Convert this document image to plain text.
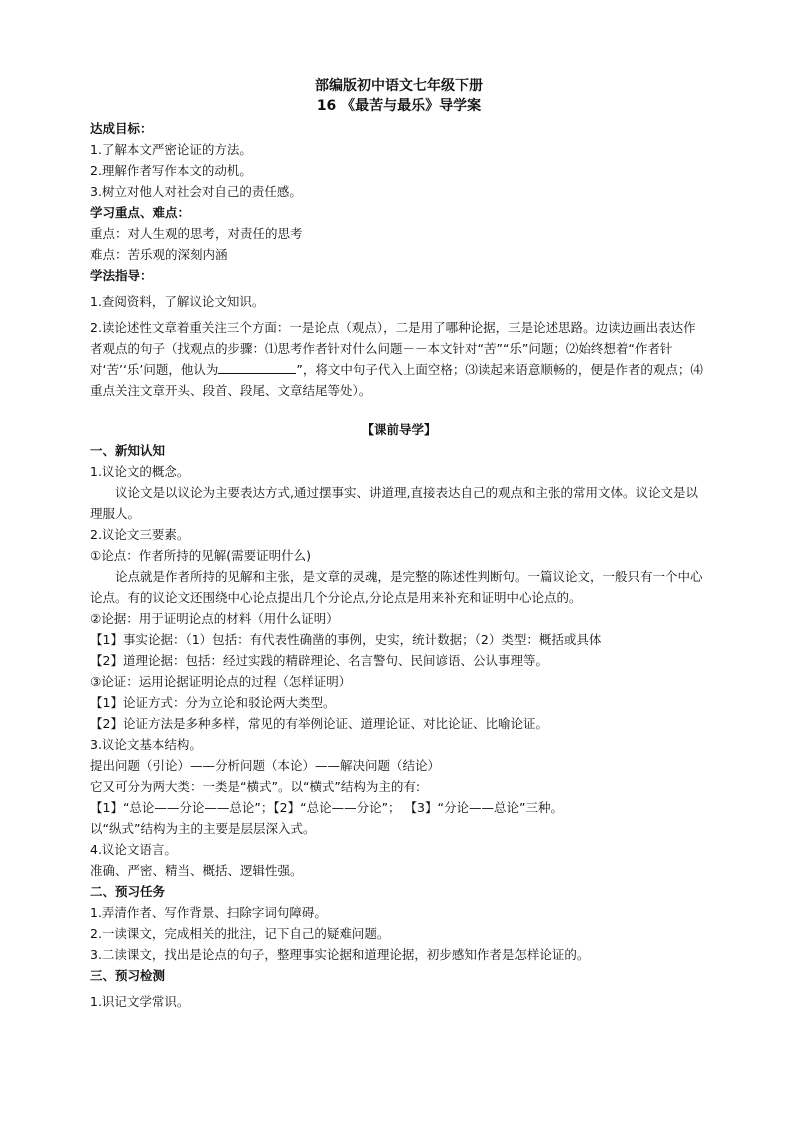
部编版初中语文七年级下册
16 《最苦与最乐》导学案
达成目标：
1.了解本文严密论证的方法。
2.理解作者写作本文的动机。
3.树立对他人对社会对自己的责任感。
学习重点、难点：
重点：对人生观的思考，对责任的思考
难点：苦乐观的深刻内涵
学法指导：
1.查阅资料，了解议论文知识。
2.读论述性文章着重关注三个方面：一是论点（观点），二是用了哪种论据，三是论述思路。边读边画出表达作者观点的句子（找观点的步骤：⑴思考作者针对什么问题－－本文针对“苦”“乐”问题；⑵始终想着“作者针对‘苦’‘乐’问题，他认为	”，将文中句子代入上面空格；⑶读起来语意顺畅的，便是作者的观点；⑷重点关注文章开头、段首、段尾、文章结尾等处）。
【课前导学】
一、新知认知
1.议论文的概念。
议论文是以议论为主要表达方式,通过摆事实、讲道理,直接表达自己的观点和主张的常用文体。议论文是以理服人。
2.议论文三要素。
①论点：作者所持的见解(需要证明什么)
论点就是作者所持的见解和主张，是文章的灵魂，是完整的陈述性判断句。一篇议论文，一般只有一个中心论点。有的议论文还围绕中心论点提出几个分论点,分论点是用来补充和证明中心论点的。
②论据：用于证明论点的材料（用什么证明）
【1】事实论据：（1）包括：有代表性确凿的事例，史实，统计数据；（2）类型：概括或具体
【2】道理论据：包括：经过实践的精辟理论、名言警句、民间谚语、公认事理等。
③论证：运用论据证明论点的过程（怎样证明）
【1】论证方式：分为立论和驳论两大类型。
【2】论证方法是多种多样，常见的有举例论证、道理论证、对比论证、比喻论证。
3.议论文基本结构。
提出问题（引论）——分析问题（本论）——解决问题（结论）
它又可分为两大类：一类是“横式”。以“横式”结构为主的有:
【1】“总论——分论——总论”；【2】“总论——分论”； 【3】“分论——总论”三种。
以“纵式”结构为主的主要是层层深入式。
4.议论文语言。
准确、严密、精当、概括、逻辑性强。
二、预习任务
1.弄清作者、写作背景、扫除字词句障碍。
2.一读课文，完成相关的批注，记下自己的疑难问题。
3.二读课文，找出是论点的句子，整理事实论据和道理论据，初步感知作者是怎样论证的。
三、预习检测
1.识记文学常识。
